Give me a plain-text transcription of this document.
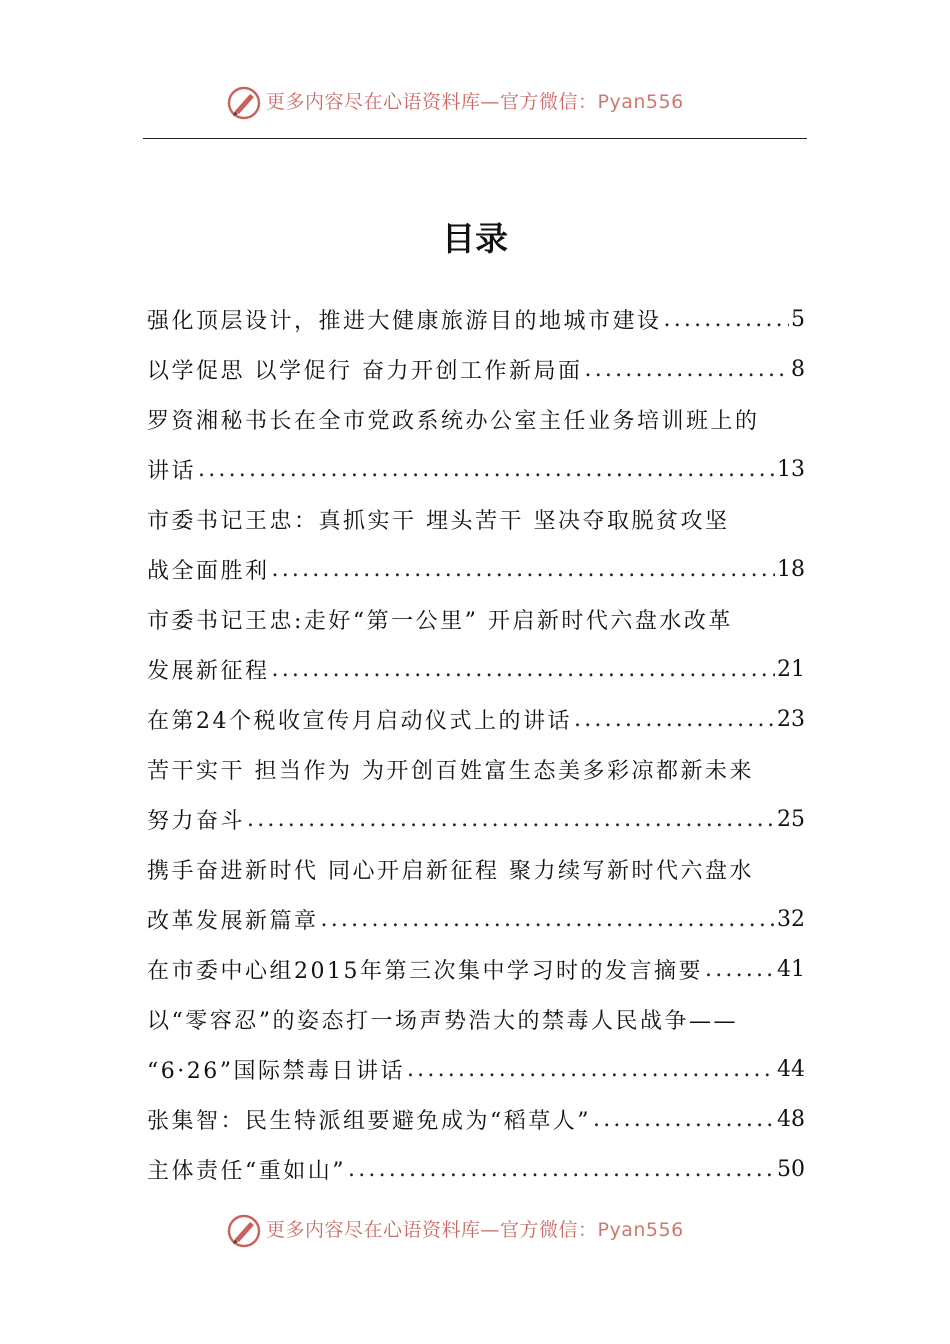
更多内容尽在心语资料库—官方微信：Pyan556
目录
强化顶层设计，推进大健康旅游目的地城市建设 .....	5
以学促思 以学促行 奋力开创工作新局面 .....	8
罗资湘秘书长在全市党政系统办公室主任业务培训班上的
讲话 .....	13
市委书记王忠：真抓实干 埋头苦干 坚决夺取脱贫攻坚
战全面胜利 .....	18
市委书记王忠:走好“第一公里” 开启新时代六盘水改革
发展新征程 .....	21
在第24个税收宣传月启动仪式上的讲话 .....	23
苦干实干 担当作为 为开创百姓富生态美多彩凉都新未来
努力奋斗 .....	25
携手奋进新时代 同心开启新征程 聚力续写新时代六盘水
改革发展新篇章 .....	32
在市委中心组2015年第三次集中学习时的发言摘要 .....	41
以“零容忍”的姿态打一场声势浩大的禁毒人民战争——
“6·26”国际禁毒日讲话 .....	44
张集智：民生特派组要避免成为“稻草人” .....	48
主体责任“重如山” .....	50
更多内容尽在心语资料库—官方微信：Pyan556
